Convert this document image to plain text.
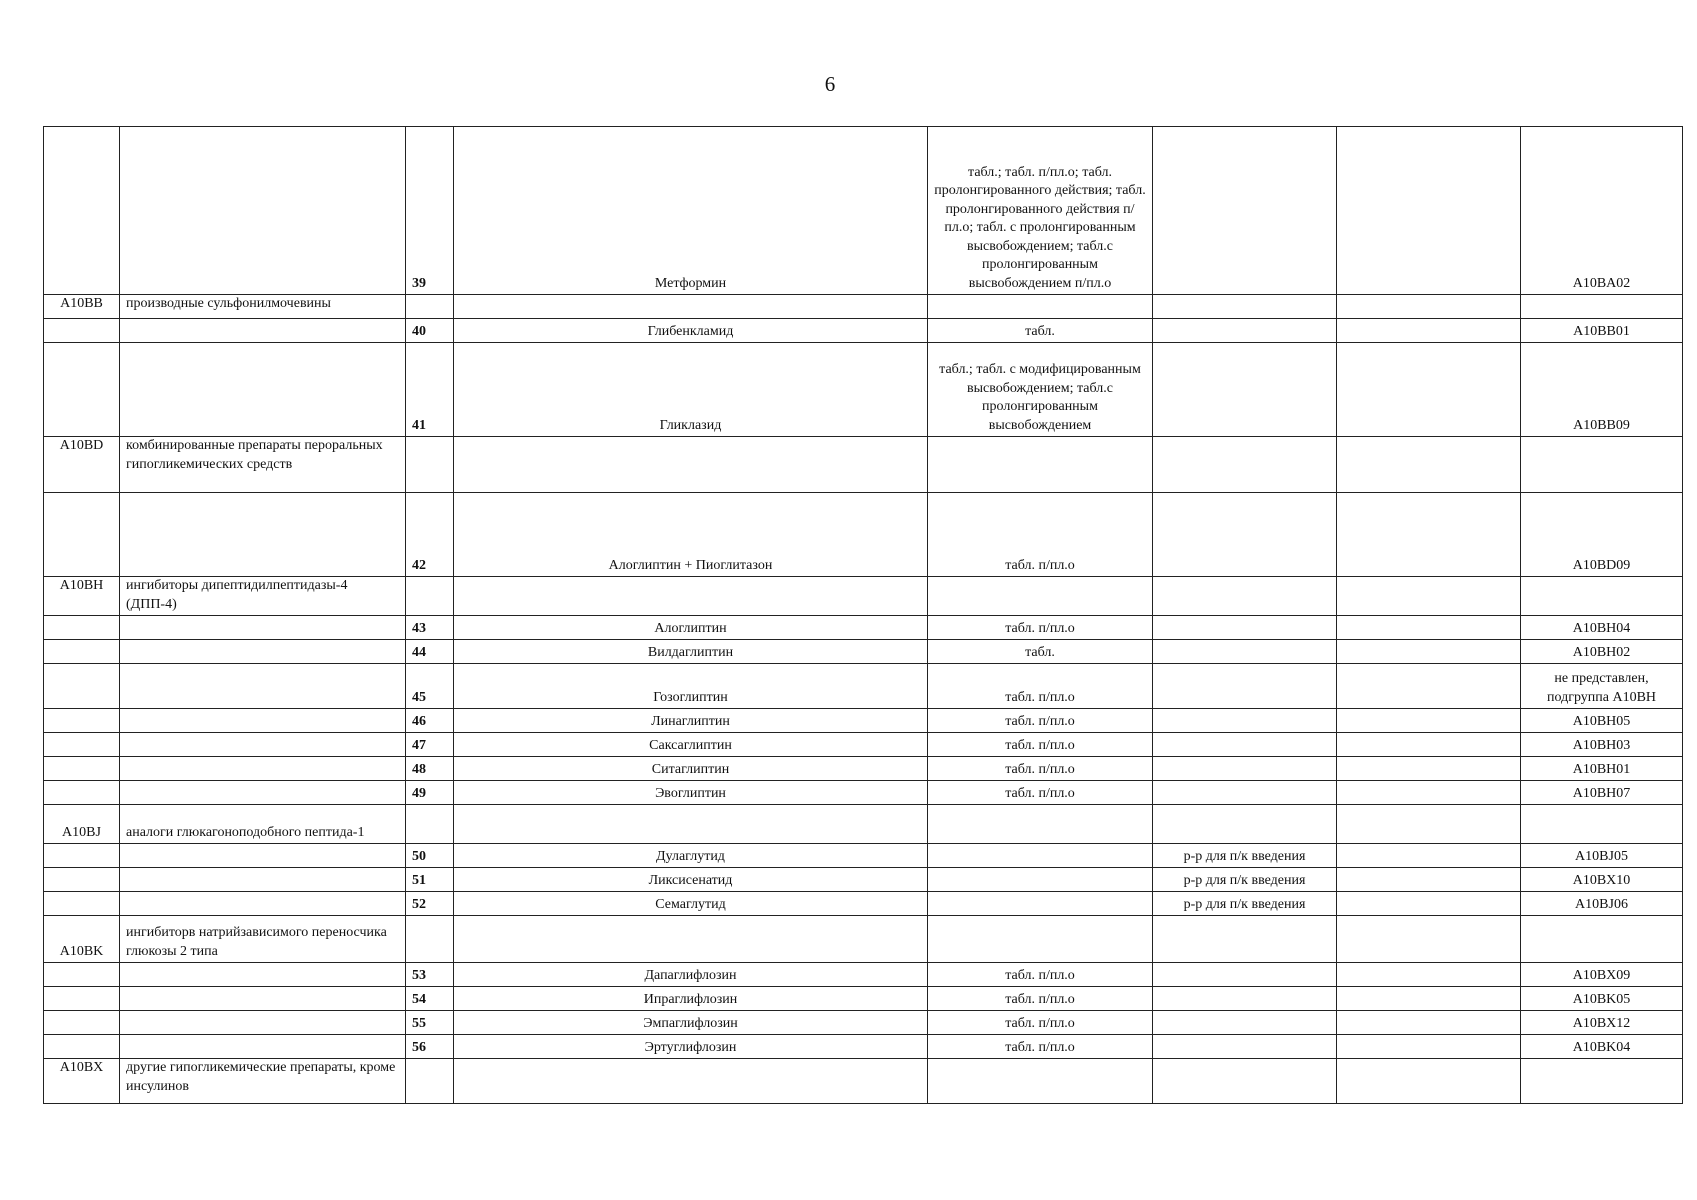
6
		39	Метформин	табл.; табл. п/пл.о; табл. пролонгированного действия; табл. пролонгированного действия п/пл.о; табл. с пролонгированным высвобождением; табл.с пролонгированным высвобождением п/пл.о			A10BA02
A10BB	производные сульфонилмочевины						
		40	Глибенкламид	табл.			A10BB01
		41	Гликлазид	табл.; табл. с модифицированным высвобождением; табл.с пролонгированным высвобождением			A10BB09
A10BD	комбинированные препараты пероральных гипогликемических средств						
		42	Алоглиптин + Пиоглитазон	табл. п/пл.о			A10BD09
A10BH	ингибиторы дипептидилпептидазы-4 (ДПП-4)						
		43	Алоглиптин	табл. п/пл.о			A10BH04
		44	Вилдаглиптин	табл.			A10BH02
		45	Гозоглиптин	табл. п/пл.о			не представлен, подгруппа A10BH
		46	Линаглиптин	табл. п/пл.о			A10BH05
		47	Саксаглиптин	табл. п/пл.о			A10BH03
		48	Ситаглиптин	табл. п/пл.о			A10BH01
		49	Эвоглиптин	табл. п/пл.о			A10BH07
A10BJ	аналоги глюкагоноподобного пептида-1						
		50	Дулаглутид		р-р для п/к введения		A10BJ05
		51	Ликсисенатид		р-р для п/к введения		A10BX10
		52	Семаглутид		р-р для п/к введения		A10BJ06
A10BK	ингибиторв натрийзависимого переносчика глюкозы 2 типа						
		53	Дапаглифлозин	табл. п/пл.о			A10BX09
		54	Ипраглифлозин	табл. п/пл.о			A10BK05
		55	Эмпаглифлозин	табл. п/пл.о			A10BX12
		56	Эртуглифлозин	табл. п/пл.о			A10BK04
A10BX	другие гипогликемические препараты, кроме инсулинов						
